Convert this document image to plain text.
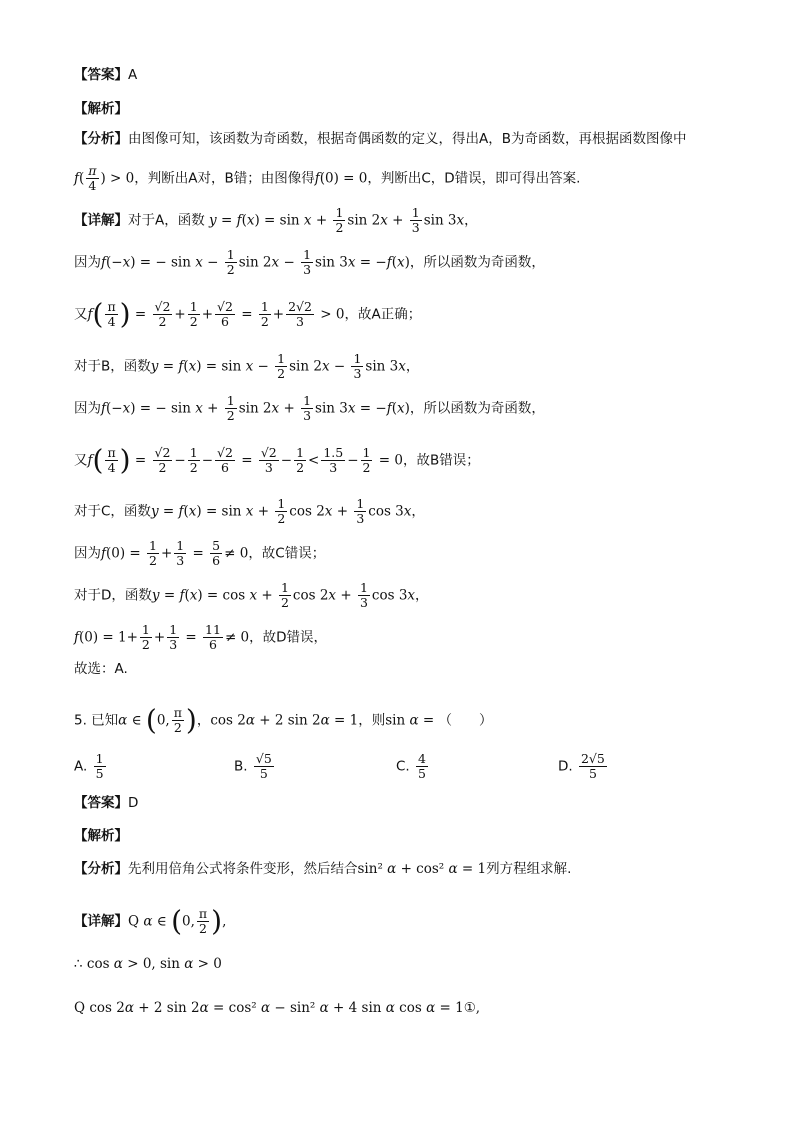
【答案】A
【解析】
【分析】由图像可知，该函数为奇函数，根据奇偶函数的定义，得出A，B为奇函数，再根据函数图像中
$f( \frac{\pi}{4}$ ) > 0，判断出A对，B错；由图像得f(0) = 0，判断出C，D错误，即可得出答案.
【详解】对于A，函数 $y = f(x) = \sin x + \frac{1}{2}$ $\sin 2x + \frac{1}{3}$ sin 3x，
因为f(−x) = − $\sin x - \frac{1}{2}$ $\sin 2x - \frac{1}{3}$ sin 3x = −f(x)，所以函数为奇函数，
又$f( \frac{\pi}{4}$ ) = $\frac{√2}{2} + \frac{1}{2} + \frac{√2}{6} = \frac{1}{2} + \frac{2√2}{3} > 0$，故A正确；
对于B，函数$y = f(x) = \sin x - \frac{1}{2}$ $\sin 2x - \frac{1}{3}$ sin 3x，
因为f(−x) = − $\sin x + \frac{1}{2}$ $\sin 2x + \frac{1}{3}$ sin 3x = −f(x)，所以函数为奇函数，
又$f( \frac{\pi}{4}$ ) = $\frac{√2}{2} - \frac{1}{2} - \frac{√2}{6} = \frac{√2}{3} - \frac{1}{2} < \frac{1.5}{3} - \frac{1}{2} = 0$，故B错误；
对于C，函数$y = f(x) = \sin x + \frac{1}{2}$ $\cos 2x + \frac{1}{3}$ cos 3x，
因为$f(0) = \frac{1}{2} + \frac{1}{3} = \frac{5}{6} \ne 0$，故C错误；
对于D，函数$y = f(x) = \cos x + \frac{1}{2}$ $\cos 2x + \frac{1}{3}$ cos 3x，
$f(0) = 1+ \frac{1}{2} + \frac{1}{3} = \frac{11}{6} \ne 0$，故D错误，
故选：A.
5. 已知α ∈ (0, $\frac{\pi}{2}$ )，cos 2α + 2 sin 2α = 1，则sin α = （　　）
A. $\frac{1}{5}$	B. $\frac{√5}{5}$	C. $\frac{4}{5}$	D. $\frac{2√5}{5}$
【答案】D
【解析】
【分析】先利用倍角公式将条件变形，然后结合sin² α + cos² α = 1列方程组求解.
【详解】Q α ∈ (0, $\frac{\pi}{2}$ ),
∴ cos α > 0, sin α > 0
Q cos 2α + 2 sin 2α = cos² α − sin² α + 4 sin α cos α = 1①,
